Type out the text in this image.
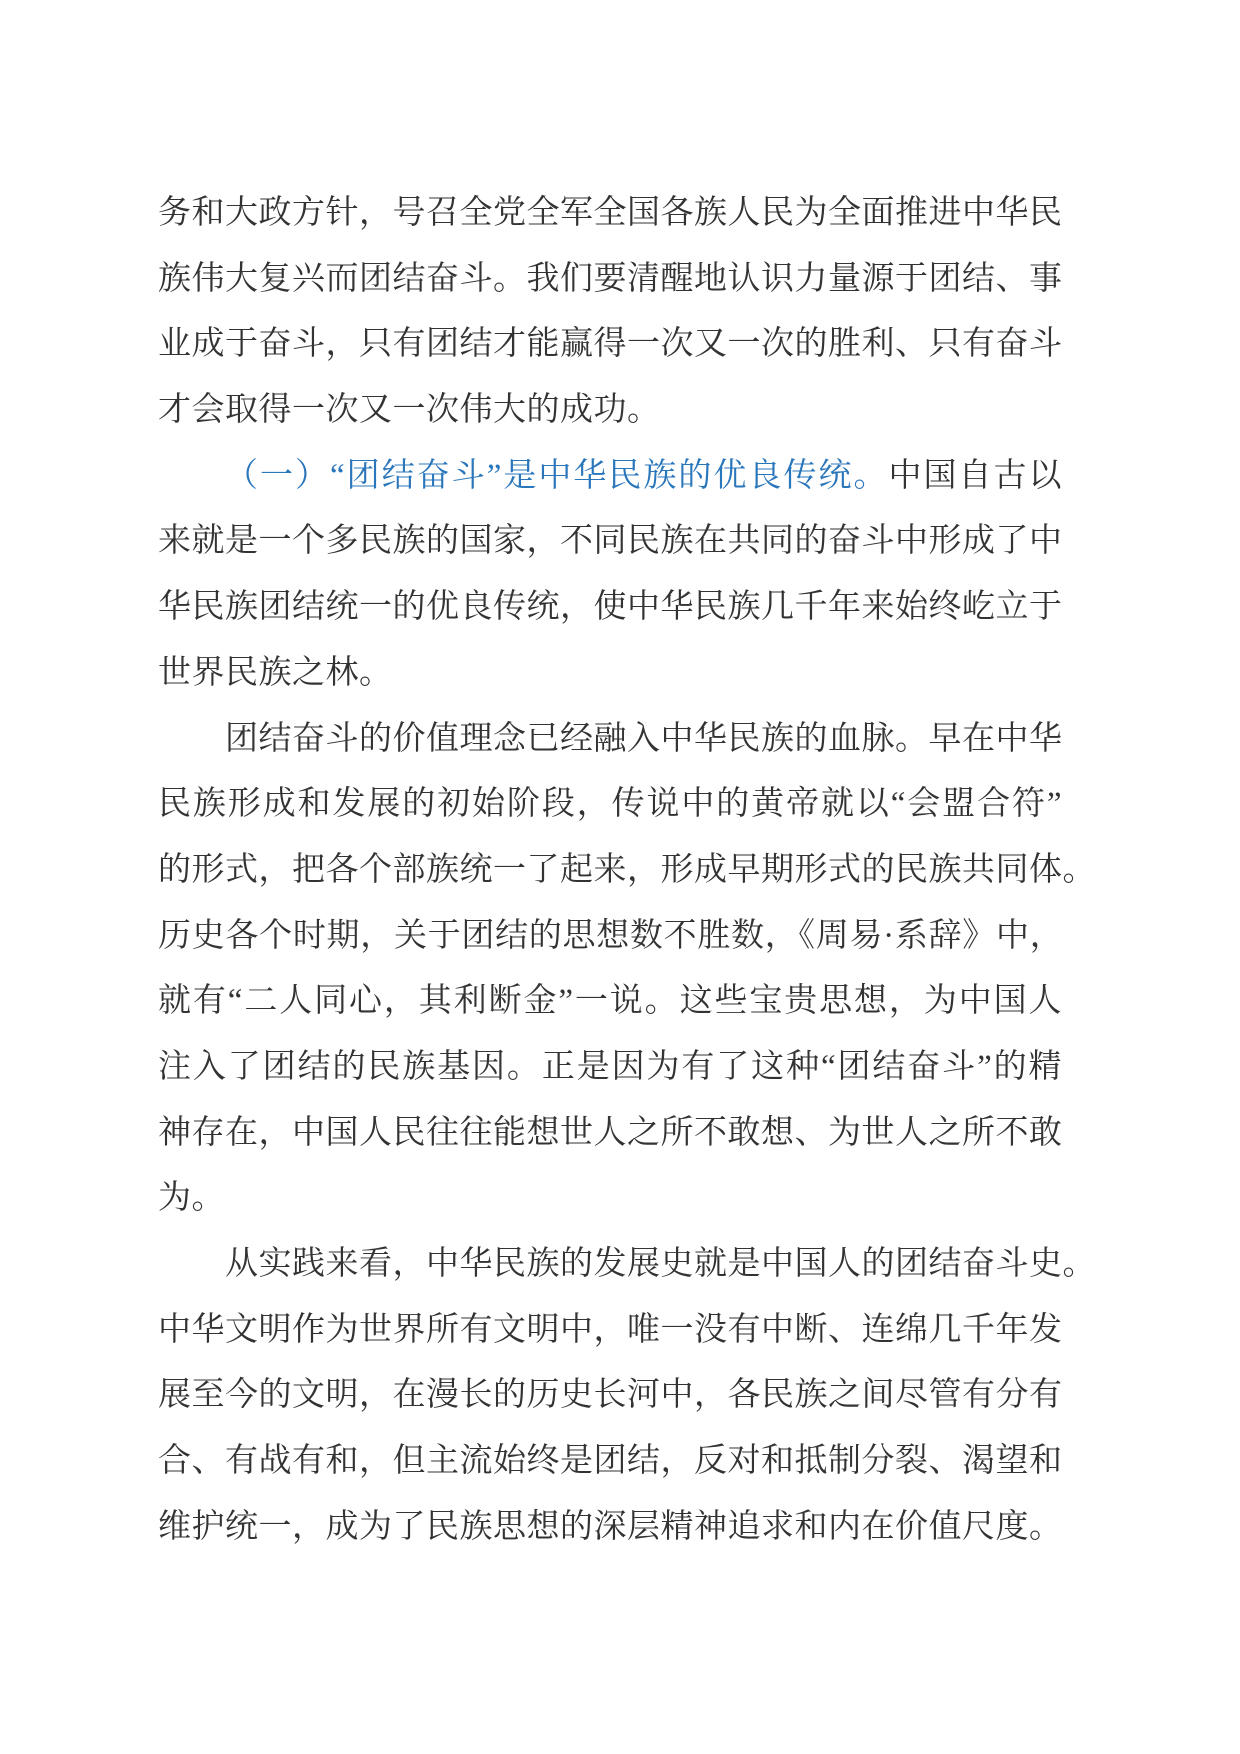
务和大政方针，号召全党全军全国各族人民为全面推进中华民
族伟大复兴而团结奋斗。我们要清醒地认识力量源于团结、事
业成于奋斗，只有团结才能赢得一次又一次的胜利、只有奋斗
才会取得一次又一次伟大的成功。
（一）“团结奋斗”是中华民族的优良传统。中国自古以
来就是一个多民族的国家，不同民族在共同的奋斗中形成了中
华民族团结统一的优良传统，使中华民族几千年来始终屹立于
世界民族之林。
团结奋斗的价值理念已经融入中华民族的血脉。早在中华
民族形成和发展的初始阶段，传说中的黄帝就以“会盟合符”
的形式，把各个部族统一了起来，形成早期形式的民族共同体。
历史各个时期，关于团结的思想数不胜数，《周易·系辞》中，
就有“二人同心，其利断金”一说。这些宝贵思想，为中国人
注入了团结的民族基因。正是因为有了这种“团结奋斗”的精
神存在，中国人民往往能想世人之所不敢想、为世人之所不敢
为。
从实践来看，中华民族的发展史就是中国人的团结奋斗史。
中华文明作为世界所有文明中，唯一没有中断、连绵几千年发
展至今的文明，在漫长的历史长河中，各民族之间尽管有分有
合、有战有和，但主流始终是团结，反对和抵制分裂、渴望和
维护统一，成为了民族思想的深层精神追求和内在价值尺度。
